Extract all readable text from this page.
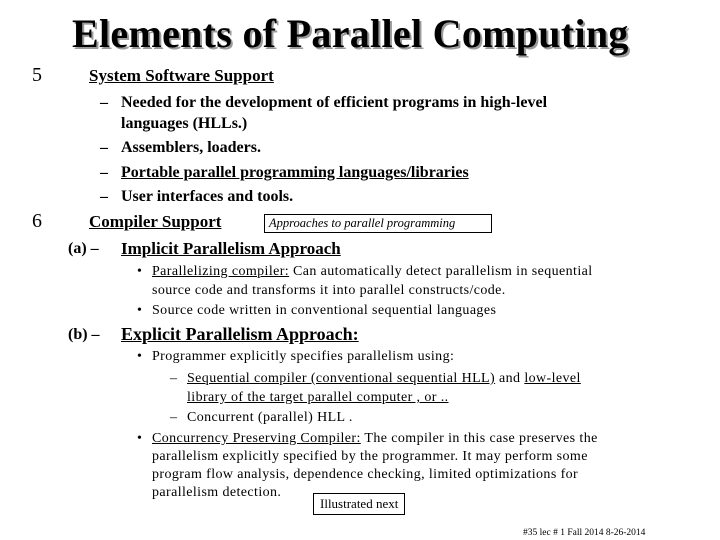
Elements of Parallel Computing
5	System Software Support
– Needed for the development of efficient programs in high-level
languages (HLLs.)
– Assemblers, loaders.
– Portable parallel programming languages/libraries
– User interfaces and tools.
6	Compiler Support	Approaches to parallel programming
(a) – Implicit Parallelism Approach
• Parallelizing compiler: Can automatically detect parallelism in sequential
source code and transforms it into parallel constructs/code.
• Source code written in conventional sequential languages
(b) – Explicit Parallelism Approach:
• Programmer explicitly specifies parallelism using:
– Sequential compiler (conventional sequential HLL) and low-level
library of the target parallel computer , or ..
– Concurrent (parallel) HLL .
• Concurrency Preserving Compiler: The compiler in this case preserves the
parallelism explicitly specified by the programmer. It may perform some
program flow analysis, dependence checking, limited optimizations for
parallelism detection.
Illustrated next
#35 lec # 1 Fall 2014 8-26-2014
